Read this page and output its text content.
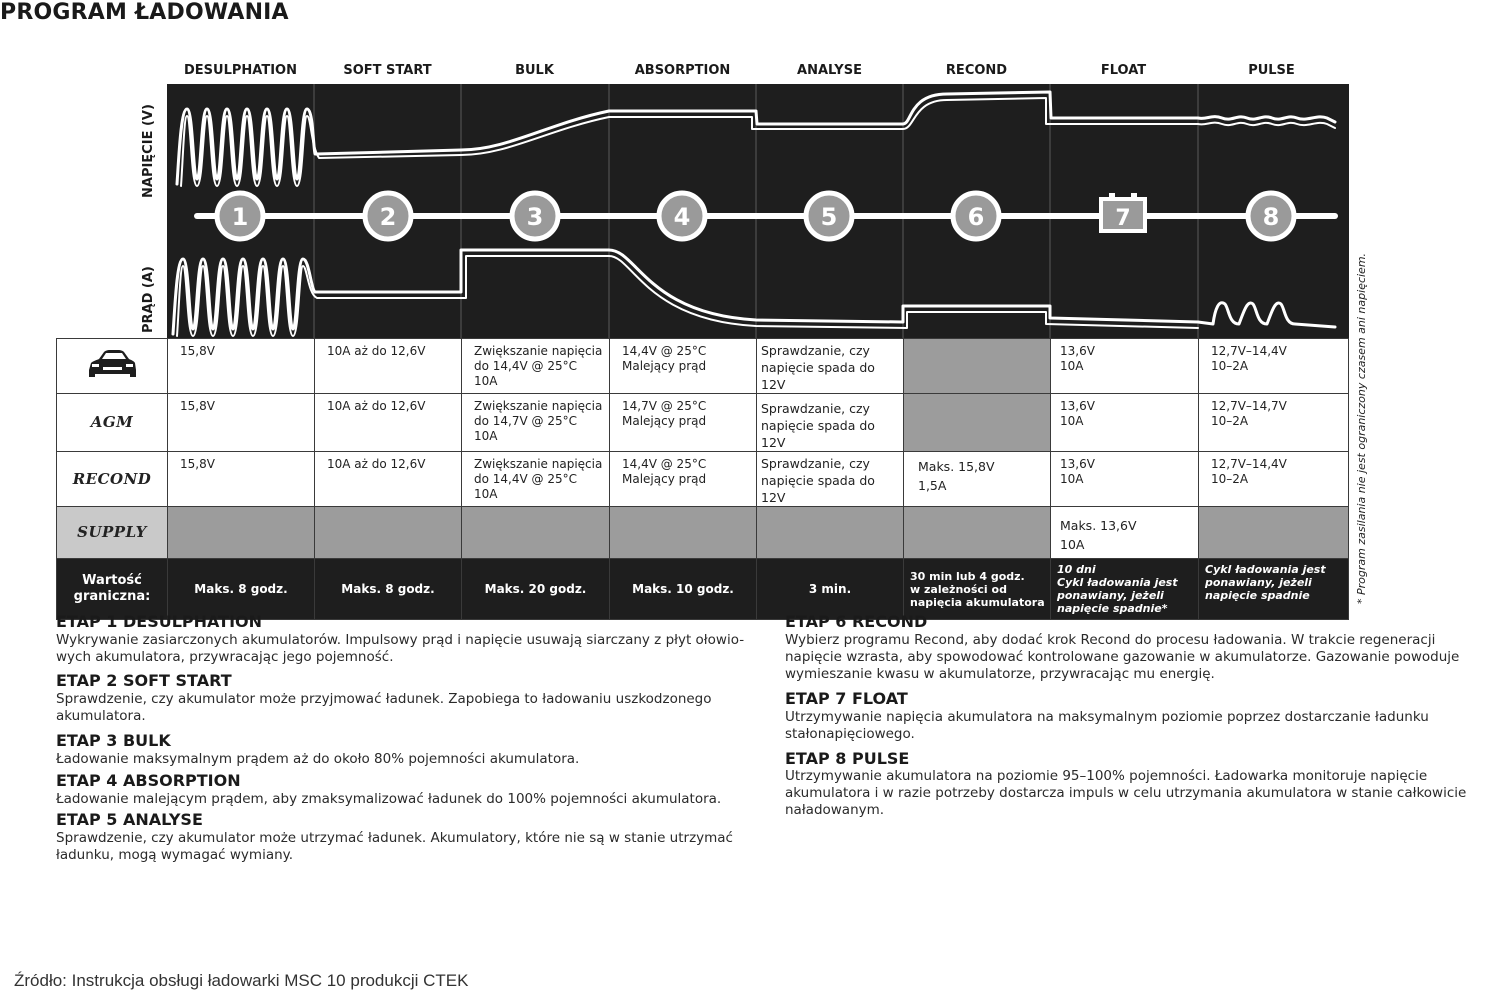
PROGRAM ŁADOWANIA
DESULPHATION	SOFT START	BULK	ABSORPTION	ANALYSE	RECOND	FLOAT	PULSE
NAPIĘCIE (V)
PRĄD (A)
1	2	3	4	5	6	7	8
	15,8V	10A aż do 12,6V	Zwiększanie napięcia
do 14,4V @ 25°C
10A	14,4V @ 25°C
Malejący prąd	Sprawdzanie, czy
napięcie spada do 12V		13,6V
10A	12,7V–14,4V
10–2A	
AGM	15,8V	10A aż do 12,6V	Zwiększanie napięcia
do 14,7V @ 25°C
10A	14,7V @ 25°C
Malejący prąd	Sprawdzanie, czy
napięcie spada do 12V		13,6V
10A	12,7V–14,7V
10–2A	
RECOND	15,8V	10A aż do 12,6V	Zwiększanie napięcia
do 14,4V @ 25°C
10A	14,4V @ 25°C
Malejący prąd	Sprawdzanie, czy
napięcie spada do 12V	Maks. 15,8V
1,5A	13,6V
10A	12,7V–14,4V
10–2A	
SUPPLY							Maks. 13,6V
10A		
Wartość
graniczna:	Maks. 8 godz.	Maks. 8 godz.	Maks. 20 godz.	Maks. 10 godz.	3 min.	30 min lub 4 godz.
w zależności od
napięcia akumulatora	10 dni
Cykl ładowania jest
ponawiany, jeżeli
napięcie spadnie*	Cykl ładowania jest
ponawiany, jeżeli
napięcie spadnie		* Program zasilania nie jest ograniczony czasem ani napięciem.
ETAP 1 DESULPHATION
Wykrywanie zasiarczonych akumulatorów. Impulsowy prąd i napięcie usuwają siarczany z płyt ołowio-
wych akumulatora, przywracając jego pojemność.
ETAP 2 SOFT START
Sprawdzenie, czy akumulator może przyjmować ładunek. Zapobiega to ładowaniu uszkodzonego
akumulatora.
ETAP 3 BULK
Ładowanie maksymalnym prądem aż do około 80% pojemności akumulatora.
ETAP 4 ABSORPTION
Ładowanie malejącym prądem, aby zmaksymalizować ładunek do 100% pojemności akumulatora.
ETAP 5 ANALYSE
Sprawdzenie, czy akumulator może utrzymać ładunek. Akumulatory, które nie są w stanie utrzymać
ładunku, mogą wymagać wymiany.
ETAP 6 RECOND
Wybierz programu Recond, aby dodać krok Recond do procesu ładowania. W trakcie regeneracji
napięcie wzrasta, aby spowodować kontrolowane gazowanie w akumulatorze. Gazowanie powoduje
wymieszanie kwasu w akumulatorze, przywracając mu energię.
ETAP 7 FLOAT
Utrzymywanie napięcia akumulatora na maksymalnym poziomie poprzez dostarczanie ładunku
stałonapięciowego.
ETAP 8 PULSE
Utrzymywanie akumulatora na poziomie 95–100% pojemności. Ładowarka monitoruje napięcie
akumulatora i w razie potrzeby dostarcza impuls w celu utrzymania akumulatora w stanie całkowicie
naładowanym.
Źródło: Instrukcja obsługi ładowarki MSC 10 produkcji CTEK
